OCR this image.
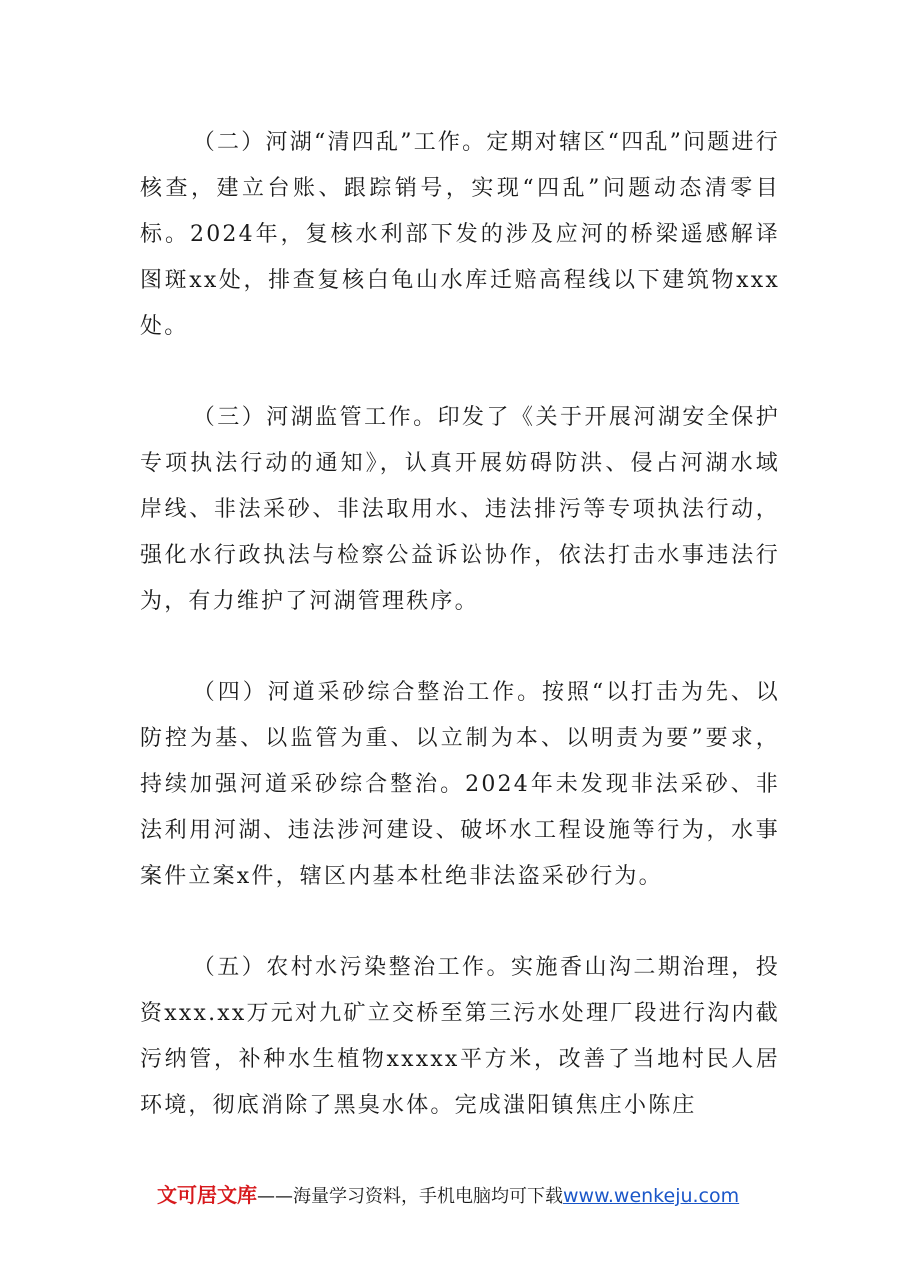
（二）河湖“清四乱”工作。定期对辖区“四乱”问题进行核查，建立台账、跟踪销号，实现“四乱”问题动态清零目标。2024年，复核水利部下发的涉及应河的桥梁遥感解译图斑xx处，排查复核白龟山水库迁赔高程线以下建筑物xxx处。

（三）河湖监管工作。印发了《关于开展河湖安全保护专项执法行动的通知》，认真开展妨碍防洪、侵占河湖水域岸线、非法采砂、非法取用水、违法排污等专项执法行动，强化水行政执法与检察公益诉讼协作，依法打击水事违法行为，有力维护了河湖管理秩序。

（四）河道采砂综合整治工作。按照“以打击为先、以防控为基、以监管为重、以立制为本、以明责为要”要求，持续加强河道采砂综合整治。2024年未发现非法采砂、非法利用河湖、违法涉河建设、破坏水工程设施等行为，水事案件立案x件，辖区内基本杜绝非法盗采砂行为。

（五）农村水污染整治工作。实施香山沟二期治理，投资xxx.xx万元对九矿立交桥至第三污水处理厂段进行沟内截污纳管，补种水生植物xxxxx平方米，改善了当地村民人居环境，彻底消除了黑臭水体。完成滍阳镇焦庄小陈庄

文可居文库——海量学习资料，手机电脑均可下载www.wenkeju.com
